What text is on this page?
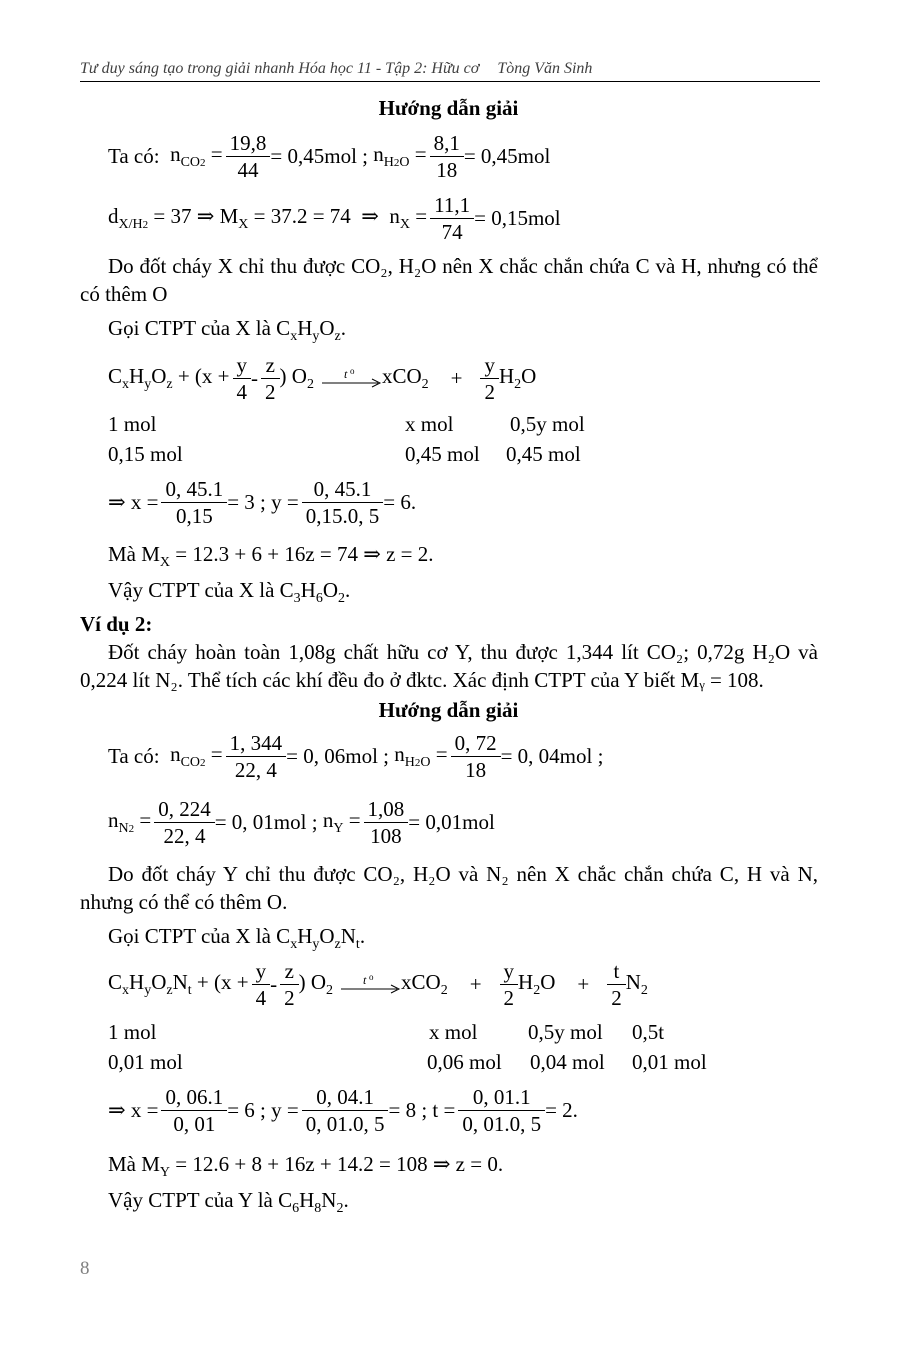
Tư duy sáng tạo trong giải nhanh Hóa học 11 - Tập 2: Hữu cơ Tòng Văn Sinh
Hướng dẫn giải
Ta có:
$n_{CO2} = \frac{19,8}{44} = 0,45mol$ ;
$n_{H2O} = \frac{8,1}{18} = 0,45mol$
$d_{X/H2} = 37$ ⇒ $M_X = 37.2 = 74$  ⇒  $n_X = \frac{11,1}{74} = 0,15mol$
Do đốt cháy X chỉ thu được CO₂, H₂O nên X chắc chắn chứa C và H, nhưng có thể có thêm O
Gọi CTPT của X là $C_xH_yO_z$.
$C_xH_yO_z + (x + \frac{y}{4} - \frac{z}{2}$ ) $O_2$
t o $xCO_2 + \frac{y}{2} H_2O$
1 mol	x mol	0,5y mol
0,15 mol	0,45 mol 0,45 mol
⇒ $x = \frac{0, 45.1}{0,15} = 3$ ; $y = \frac{0, 45.1}{0,15.0, 5} = 6$.
Mà $M_X = 12.3 + 6 + 16z = 74$ ⇒ z = 2.
Vậy CTPT của X là $C_3H_6O_2$.
Ví dụ 2:
Đốt cháy hoàn toàn 1,08g chất hữu cơ Y, thu được 1,344 lít CO₂; 0,72g H₂O và 0,224 lít N₂. Thể tích các khí đều đo ở đktc. Xác định CTPT của Y biết Mᵧ = 108.
Hướng dẫn giải
Ta có:
$n_{CO2} = \frac{1, 344}{22, 4} = 0$, 06mol ;
$n_{H2O} = \frac{0, 72}{18} = 0$, 04mol ;
$n_{N2} = \frac{0, 224}{22, 4} = 0$, 01mol ;
$n_Y = \frac{1,08}{108} = 0,01mol$
Do đốt cháy Y chỉ thu được CO₂, H₂O và N₂ nên X chắc chắn chứa C, H và N, nhưng có thể có thêm O.
Gọi CTPT của X là $C_xH_yO_zN_t$.
$C_xH_yO_zN_t + (x + \frac{y}{4} - \frac{z}{2}$ ) $O_2$
t o $xCO_2 + \frac{y}{2} H_2O + \frac{t}{2} N_2$
1 mol	x mol 0,5y mol 0,5t
0,01 mol	0,06 mol 0,04 mol 0,01 mol
⇒ $x = \frac{0, 06.1}{0, 01} = 6$ ; $y = \frac{0, 04.1}{0, 01.0, 5} = 8$ ; $t = \frac{0, 01.1}{0, 01.0, 5} = 2$.
Mà $M_Y = 12.6 + 8 + 16z + 14.2 = 108$ ⇒ z = 0.
Vậy CTPT của Y là $C_6H_8N_2$.
8
